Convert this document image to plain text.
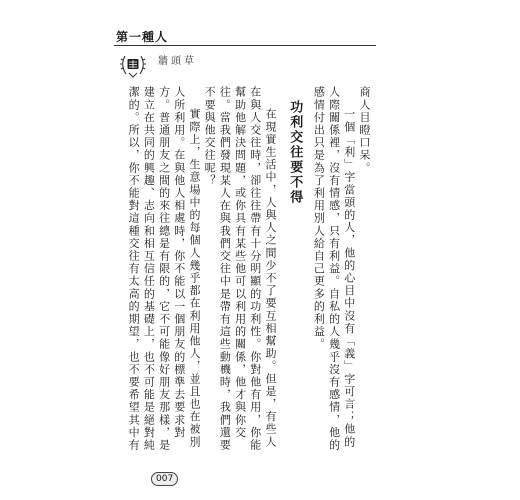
第一種人
牆頭草

商人目瞪口呆。

一個「利」字當頭的人，他的心目中沒有「義」字可言；他的人際關係裡，沒有情感，只有利益。自私的人幾乎沒有感情，他的感情付出只是為了利用別人給自己更多的利益。

功利交往要不得

在現實生活中，人與人之間少不了要互相幫助。但是，有些人在與人交往時，卻往往帶有十分明顯的功利性。你對他有用，你能幫助他解決問題，或你具有某些他可以利用的關係，他才與你交往。當我們發現某人在與我們交往中是帶有這些動機時，我們還要不要與他交往呢？

實際上，生意場中的每個人幾乎都在利用他人，並且也在被別人所利用。在與他人相處時，你不能以一個朋友的標準去要求對方。普通朋友之間的來往總是有限的，它不可能像好朋友那樣，是建立在共同的興趣、志向和相互信任的基礎上，也不可能是絕對純潔的。所以，你不能對這種交往有太高的期望，也不要希望其中有

007
